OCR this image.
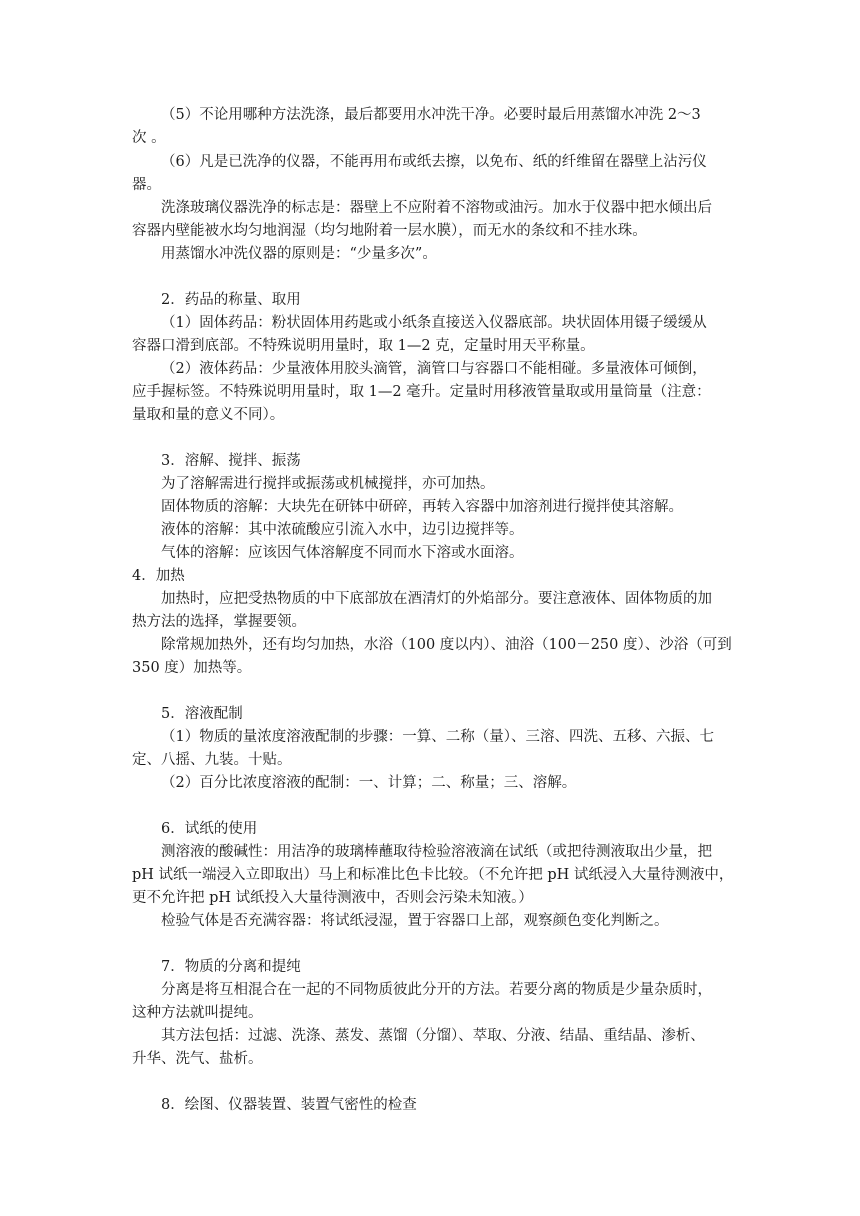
（5）不论用哪种方法洗涤，最后都要用水冲洗干净。必要时最后用蒸馏水冲洗 2～3
次 。
（6）凡是已洗净的仪器，不能再用布或纸去擦，以免布、纸的纤维留在器壁上沾污仪
器。
洗涤玻璃仪器洗净的标志是：器壁上不应附着不溶物或油污。加水于仪器中把水倾出后
容器内壁能被水均匀地润湿（均匀地附着一层水膜），而无水的条纹和不挂水珠。
用蒸馏水冲洗仪器的原则是：“少量多次”。
2．药品的称量、取用
（1）固体药品：粉状固体用药匙或小纸条直接送入仪器底部。块状固体用镊子缓缓从
容器口滑到底部。不特殊说明用量时，取 1—2 克，定量时用天平称量。
（2）液体药品：少量液体用胶头滴管，滴管口与容器口不能相碰。多量液体可倾倒，
应手握标签。不特殊说明用量时，取 1—2 毫升。定量时用移液管量取或用量筒量（注意：
量取和量的意义不同）。
3．溶解、搅拌、振荡
为了溶解需进行搅拌或振荡或机械搅拌，亦可加热。
固体物质的溶解：大块先在研钵中研碎，再转入容器中加溶剂进行搅拌使其溶解。
液体的溶解：其中浓硫酸应引流入水中，边引边搅拌等。
气体的溶解：应该因气体溶解度不同而水下溶或水面溶。
4．加热
加热时，应把受热物质的中下底部放在酒清灯的外焰部分。要注意液体、固体物质的加
热方法的选择，掌握要领。
除常规加热外，还有均匀加热，水浴（100 度以内）、油浴（100－250 度）、沙浴（可到
350 度）加热等。
5．溶液配制
（1）物质的量浓度溶液配制的步骤：一算、二称（量）、三溶、四洗、五移、六振、七
定、八摇、九装。十贴。
（2）百分比浓度溶液的配制：一、计算；二、称量；三、溶解。
6．试纸的使用
测溶液的酸碱性：用洁净的玻璃棒蘸取待检验溶液滴在试纸（或把待测液取出少量，把
pH 试纸一端浸入立即取出）马上和标准比色卡比较。（不允许把 pH 试纸浸入大量待测液中，
更不允许把 pH 试纸投入大量待测液中，否则会污染未知液。）
检验气体是否充满容器：将试纸浸湿，置于容器口上部，观察颜色变化判断之。
7．物质的分离和提纯
分离是将互相混合在一起的不同物质彼此分开的方法。若要分离的物质是少量杂质时，
这种方法就叫提纯。
其方法包括：过滤、洗涤、蒸发、蒸馏（分馏）、萃取、分液、结晶、重结晶、渗析、
升华、洗气、盐析。
8．绘图、仪器装置、装置气密性的检查
